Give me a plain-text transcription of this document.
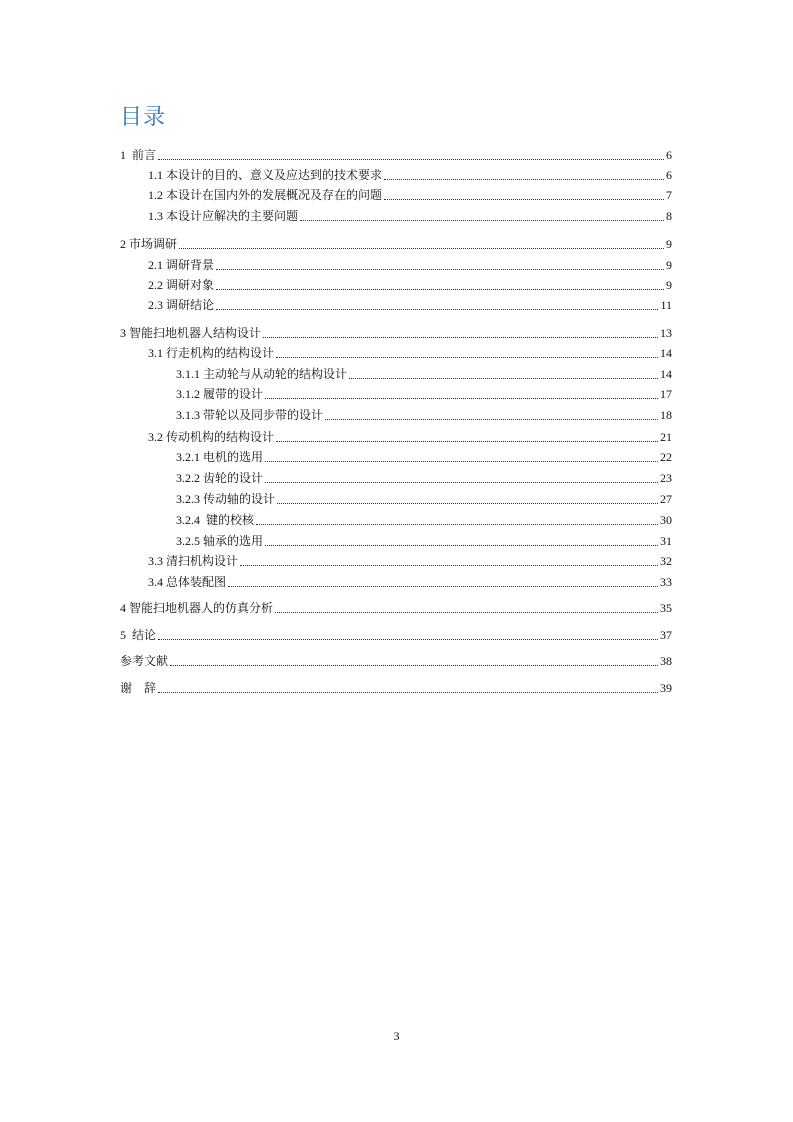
目录
1  前言	6
1.1 本设计的目的、意义及应达到的技术要求	6
1.2 本设计在国内外的发展概况及存在的问题	7
1.3 本设计应解决的主要问题	8
2 市场调研	9
2.1 调研背景	9
2.2 调研对象	9
2.3 调研结论	11
3 智能扫地机器人结构设计	13
3.1 行走机构的结构设计	14
3.1.1 主动轮与从动轮的结构设计	14
3.1.2 履带的设计	17
3.1.3 带轮以及同步带的设计	18
3.2 传动机构的结构设计	21
3.2.1 电机的选用	22
3.2.2 齿轮的设计	23
3.2.3 传动轴的设计	27
3.2.4  键的校核	30
3.2.5 轴承的选用	31
3.3 清扫机构设计	32
3.4 总体装配图	33
4 智能扫地机器人的仿真分析	35
5  结论	37
参考文献	38
谢    辞	39
3
